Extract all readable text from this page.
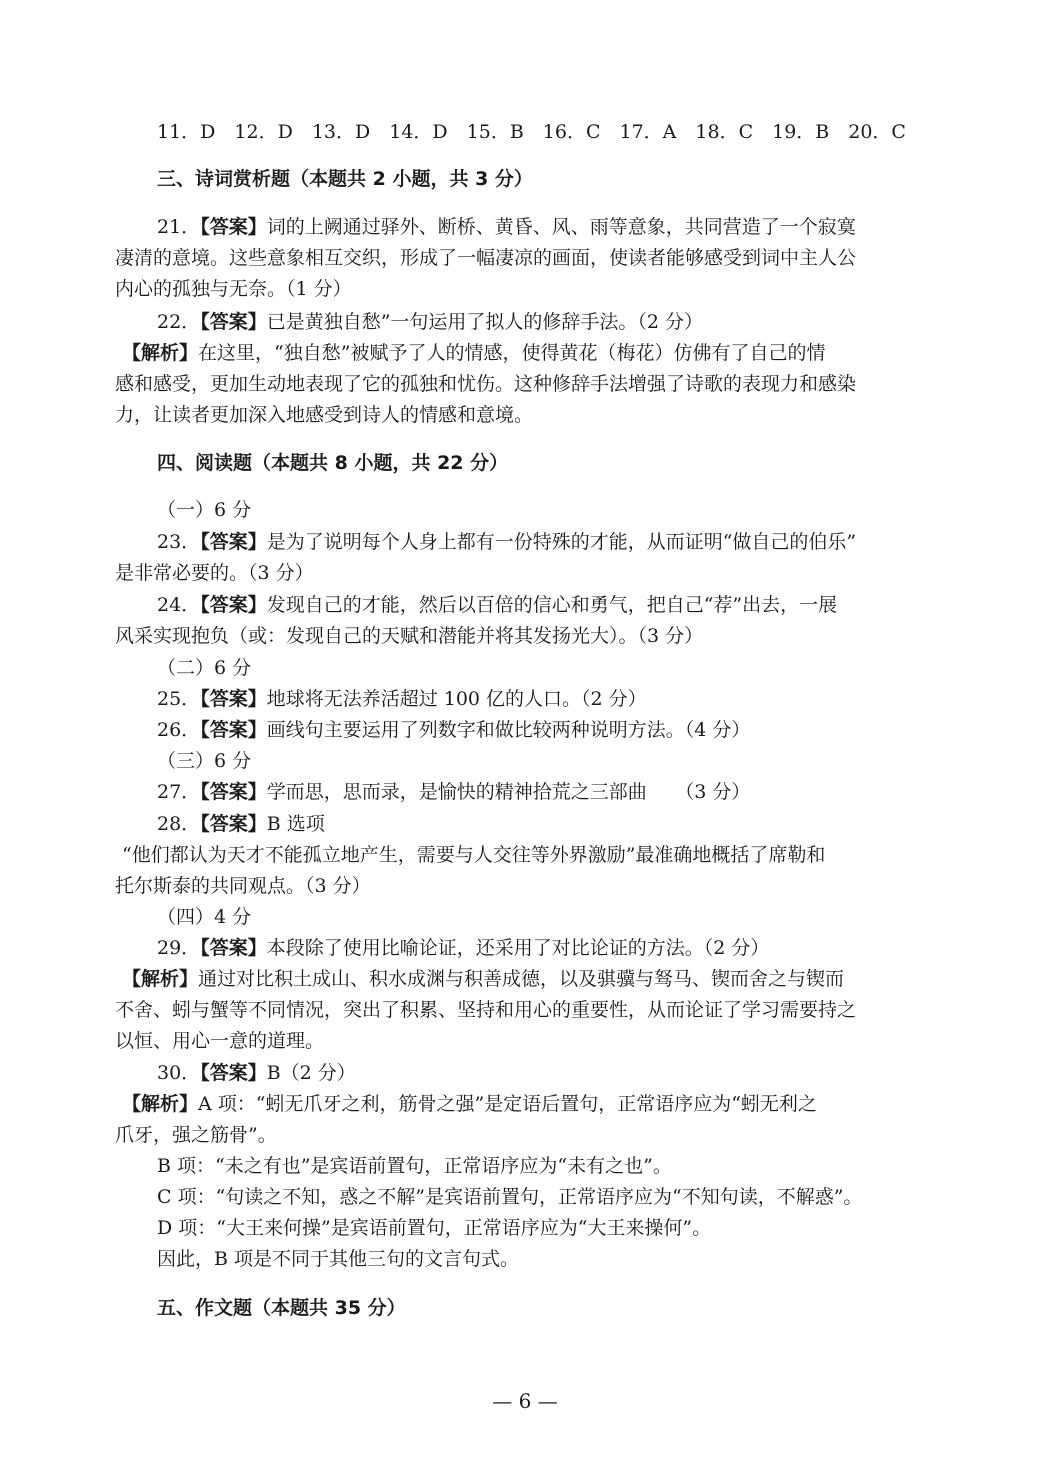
11．D　12．D　13．D　14．D　15．B　16．C　17．A　18．C　19．B　20．C
三、诗词赏析题（本题共 2 小题，共 3 分）
21．【答案】词的上阙通过驿外、断桥、黄昏、风、雨等意象，共同营造了一个寂寞
凄清的意境。这些意象相互交织，形成了一幅凄凉的画面，使读者能够感受到词中主人公
内心的孤独与无奈。（1 分）
22．【答案】已是黄独自愁”一句运用了拟人的修辞手法。（2 分）
【解析】在这里，“独自愁”被赋予了人的情感，使得黄花（梅花）仿佛有了自己的情
感和感受，更加生动地表现了它的孤独和忧伤。这种修辞手法增强了诗歌的表现力和感染
力，让读者更加深入地感受到诗人的情感和意境。
四、阅读题（本题共 8 小题，共 22 分）
（一）6 分
23．【答案】是为了说明每个人身上都有一份特殊的才能，从而证明“做自己的伯乐”
是非常必要的。（3 分）
24．【答案】发现自己的才能，然后以百倍的信心和勇气，把自己“荐”出去，一展
风采实现抱负（或：发现自己的天赋和潜能并将其发扬光大）。（3 分）
（二）6 分
25．【答案】地球将无法养活超过 100 亿的人口。（2 分）
26．【答案】画线句主要运用了列数字和做比较两种说明方法。（4 分）
（三）6 分
27．【答案】学而思，思而录，是愉快的精神拾荒之三部曲　　（3 分）
28．【答案】B 选项
“他们都认为天才不能孤立地产生，需要与人交往等外界激励”最准确地概括了席勒和
托尔斯泰的共同观点。（3 分）
（四）4 分
29．【答案】本段除了使用比喻论证，还采用了对比论证的方法。（2 分）
【解析】通过对比积土成山、积水成渊与积善成德，以及骐骥与驽马、锲而舍之与锲而
不舍、蚓与蟹等不同情况，突出了积累、坚持和用心的重要性，从而论证了学习需要持之
以恒、用心一意的道理。
30．【答案】B（2 分）
【解析】A 项：“蚓无爪牙之利，筋骨之强”是定语后置句，正常语序应为“蚓无利之
爪牙，强之筋骨”。
B 项：“未之有也”是宾语前置句，正常语序应为“未有之也”。
C 项：“句读之不知，惑之不解”是宾语前置句，正常语序应为“不知句读，不解惑”。
D 项：“大王来何操”是宾语前置句，正常语序应为“大王来操何”。
因此，B 项是不同于其他三句的文言句式。
五、作文题（本题共 35 分）
— 6 —
